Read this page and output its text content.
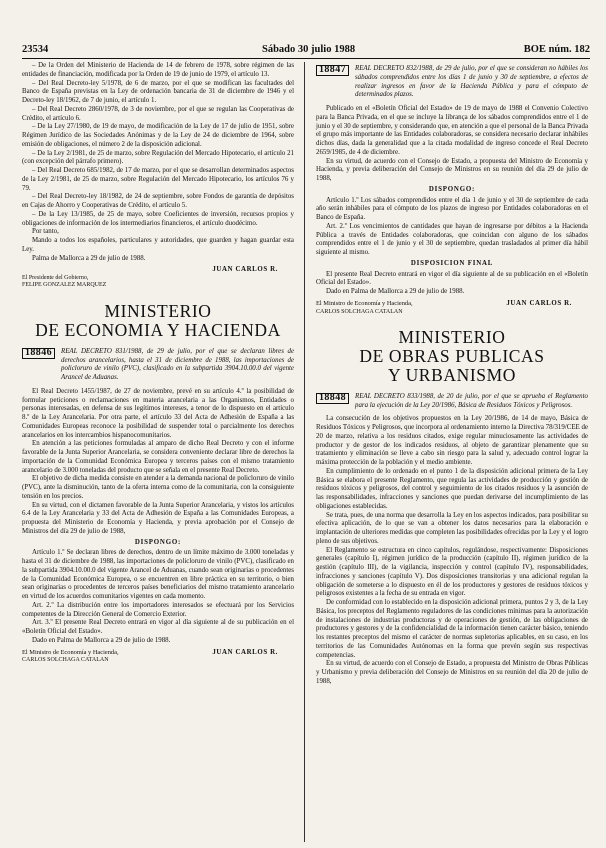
23534	Sábado 30 julio 1988	BOE núm. 182

– De la Orden del Ministerio de Hacienda de 14 de febrero de 1978, sobre régimen de las entidades de financiación, modificada por la Orden de 19 de junio de 1979, el artículo 13.

– Del Real Decreto-ley 5/1978, de 6 de marzo, por el que se modifican las facultades del Banco de España previstas en la Ley de ordenación bancaria de 31 de diciembre de 1946 y el Decreto-ley 18/1962, de 7 de junio, el artículo 1.

– Del Real Decreto 2860/1978, de 3 de noviembre, por el que se regulan las Cooperativas de Crédito, el artículo 6.

– De la Ley 27/1980, de 19 de mayo, de modificación de la Ley de 17 de julio de 1951, sobre Régimen Jurídico de las Sociedades Anónimas y de la Ley de 24 de diciembre de 1964, sobre emisión de obligaciones, el número 2 de la disposición adicional.

– De la Ley 2/1981, de 25 de marzo, sobre Regulación del Mercado Hipotecario, el artículo 21 (con excepción del párrafo primero).

– Del Real Decreto 685/1982, de 17 de marzo, por el que se desarrollan determinados aspectos de la Ley 2/1981, de 25 de marzo, sobre Regulación del Mercado Hipotecario, los artículos 76 y 79.

– Del Real Decreto-ley 18/1982, de 24 de septiembre, sobre Fondos de garantía de depósitos en Cajas de Ahorro y Cooperativas de Crédito, el artículo 5.

– De la Ley 13/1985, de 25 de mayo, sobre Coeficientes de inversión, recursos propios y obligaciones de información de los intermediarios financieros, el artículo duodécimo.

Por tanto,

Mando a todos los españoles, particulares y autoridades, que guarden y hagan guardar esta Ley.

Palma de Mallorca a 29 de julio de 1988.

JUAN CARLOS R.

El Presidente del Gobierno,

FELIPE GONZALEZ MARQUEZ

MINISTERIO
DE ECONOMIA Y HACIENDA
18846	REAL DECRETO 831/1988, de 29 de julio, por el que se declaran libres de derechos arancelarios, hasta el 31 de diciembre de 1988, las importaciones de policloruro de vinilo (PVC), clasificado en la subpartida 3904.10.00.0 del vigente Arancel de Aduanas.

El Real Decreto 1455/1987, de 27 de noviembre, prevé en su artículo 4.º la posibilidad de formular peticiones o reclamaciones en materia arancelaria a las Organismos, Entidades o personas interesadas, en defensa de sus legítimos intereses, a tenor de lo dispuesto en el artículo 8.º de la Ley Arancelaria. Por otra parte, el artículo 33 del Acta de Adhesión de España a las Comunidades Europeas reconoce la posibilidad de suspender total o parcialmente los derechos arancelarios en los intercambios hispanocomunitarios.

En atención a las peticiones formuladas al amparo de dicho Real Decreto y con el informe favorable de la Junta Superior Arancelaria, se considera conveniente declarar libre de derechos la importación de la Comunidad Económica Europea y terceros países con el mismo tratamiento arancelario de 3.000 toneladas del producto que se señala en el presente Real Decreto.

El objetivo de dicha medida consiste en atender a la demanda nacional de policloruro de vinilo (PVC), ante la disminución, tanto de la oferta interna como de la comunitaria, con la consiguiente tensión en los precios.

En su virtud, con el dictamen favorable de la Junta Superior Arancelaria, y vistos los artículos 6.4 de la Ley Arancelaria y 33 del Acta de Adhesión de España a las Comunidades Europeas, a propuesta del Ministerio de Economía y Hacienda, y previa aprobación por el Consejo de Ministros del día 29 de julio de 1988,

DISPONGO:

Artículo 1.º Se declaran libres de derechos, dentro de un límite máximo de 3.000 toneladas y hasta el 31 de diciembre de 1988, las importaciones de policloruro de vinilo (PVC), clasificado en la subpartida 3904.10.00.0 del vigente Arancel de Aduanas, cuando sean originarias o procedentes de la Comunidad Económica Europea, o se encuentren en libre práctica en su territorio, o bien sean originarias o procedentes de terceros países beneficiarios del mismo tratamiento arancelario en virtud de los acuerdos comunitarios vigentes en cada momento.

Art. 2.º La distribución entre los importadores interesados se efectuará por los Servicios competentes de la Dirección General de Comercio Exterior.

Art. 3.º El presente Real Decreto entrará en vigor al día siguiente al de su publicación en el «Boletín Oficial del Estado».

Dado en Palma de Mallorca a 29 de julio de 1988.

El Ministro de Economía y Hacienda,	JUAN CARLOS R.

CARLOS SOLCHAGA CATALAN

18847	REAL DECRETO 832/1988, de 29 de julio, por el que se consideran no hábiles los sábados comprendidos entre los días 1 de junio y 30 de septiembre, a efectos de realizar ingresos en favor de la Hacienda Pública y para el cómputo de determinados plazos.

Publicado en el «Boletín Oficial del Estado» de 19 de mayo de 1988 el Convenio Colectivo para la Banca Privada, en el que se incluye la librança de los sábados comprendidos entre el 1 de junio y el 30 de septiembre, y considerando que, en atención a que el personal de la Banca Privada el grupo más importante de las Entidades colaboradoras, se considera necesario declarar inhábiles dichos días, dada la generalidad que a la citada modalidad de ingreso concede el Real Decreto 2659/1985, de 4 de diciembre.

En su virtud, de acuerdo con el Consejo de Estado, a propuesta del Ministro de Economía y Hacienda, y previa deliberación del Consejo de Ministros en su reunión del día 29 de julio de 1988,

DISPONGO:

Artículo 1.º Los sábados comprendidos entre el día 1 de junio y el 30 de septiembre de cada año serán inhábiles para el cómputo de los plazos de ingreso por Entidades colaboradoras en el Banco de España.

Art. 2.º Los vencimientos de cantidades que hayan de ingresarse por débitos a la Hacienda Pública a través de Entidades colaboradoras, que coincidan con alguno de los sábados comprendidos entre el 1 de junio y el 30 de septiembre, quedan trasladados al primer día hábil siguiente al mismo.

DISPOSICION FINAL

El presente Real Decreto entrará en vigor el día siguiente al de su publicación en el «Boletín Oficial del Estado».

Dado en Palma de Mallorca a 29 de julio de 1988.

El Ministro de Economía y Hacienda,	JUAN CARLOS R.

CARLOS SOLCHAGA CATALAN

MINISTERIO
DE OBRAS PUBLICAS
Y URBANISMO
18848	REAL DECRETO 833/1988, de 20 de julio, por el que se aprueba el Reglamento para la ejecución de la Ley 20/1986, Básica de Residuos Tóxicos y Peligrosos.

La consecución de los objetivos propuestos en la Ley 20/1986, de 14 de mayo, Básica de Residuos Tóxicos y Peligrosos, que incorpora al ordenamiento interno la Directiva 78/319/CEE de 20 de marzo, relativa a los residuos citados, exige regular minuciosamente las actividades de productor y de gestor de los indicados residuos, al objeto de garantizar plenamente que su tratamiento y eliminación se lleve a cabo sin riesgo para la salud y, adecuado control lograr la máxima protección de la población y el medio ambiente.

En cumplimiento de lo ordenado en el punto 1 de la disposición adicional primera de la Ley Básica se elabora el presente Reglamento, que regula las actividades de producción y gestión de residuos tóxicos y peligrosos, del control y seguimiento de los citados residuos y la asunción de las responsabilidades, infracciones y sanciones que puedan derivarse del incumplimiento de las obligaciones establecidas.

Se trata, pues, de una norma que desarrolla la Ley en los aspectos indicados, para posibilitar su efectiva aplicación, de lo que se van a obtener los datos necesarios para la elaboración e implantación de ulteriores medidas que completen las posibilidades ofrecidas por la Ley y el logro pleno de sus objetivos.

El Reglamento se estructura en cinco capítulos, regulándose, respectivamente: Disposiciones generales (capítulo I), régimen jurídico de la producción (capítulo II), régimen jurídico de la gestión (capítulo III), de la vigilancia, inspección y control (capítulo IV), responsabilidades, infracciones y sanciones (capítulo V). Dos disposiciones transitorias y una adicional regulan la obligación de someterse a lo dispuesto en él de los productores y gestores de residuos tóxicos y peligrosos existentes a la fecha de su entrada en vigor.

De conformidad con lo establecido en la disposición adicional primera, puntos 2 y 3, de la Ley Básica, los preceptos del Reglamento reguladores de las condiciones mínimas para la autorización de instalaciones de industrias productoras y de operaciones de gestión, de las obligaciones de productores y gestores y de la confidencialidad de la información tienen carácter básico, teniendo los restantes preceptos del mismo el carácter de normas supletorias aplicables, en su caso, en los territorios de las Comunidades Autónomas en la forma que prevén según sus respectivas competencias.

En su virtud, de acuerdo con el Consejo de Estado, a propuesta del Ministro de Obras Públicas y Urbanismo y previa deliberación del Consejo de Ministros en su reunión del día 20 de julio de 1988,
